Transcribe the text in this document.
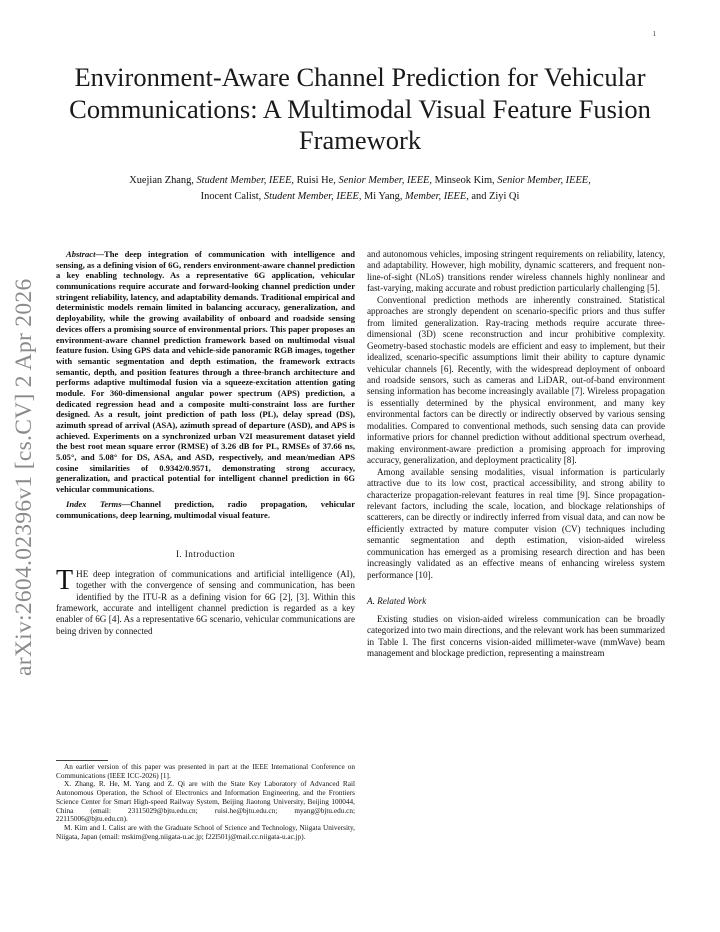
1
arXiv:2604.02396v1 [cs.CV] 2 Apr 2026
Environment-Aware Channel Prediction for Vehicular Communications: A Multimodal Visual Feature Fusion Framework
Xuejian Zhang, Student Member, IEEE, Ruisi He, Senior Member, IEEE, Minseok Kim, Senior Member, IEEE,
Inocent Calist, Student Member, IEEE, Mi Yang, Member, IEEE, and Ziyi Qi

Abstract—The deep integration of communication with intelligence and sensing, as a defining vision of 6G, renders environment-aware channel prediction a key enabling technology. As a representative 6G application, vehicular communications require accurate and forward-looking channel prediction under stringent reliability, latency, and adaptability demands. Traditional empirical and deterministic models remain limited in balancing accuracy, generalization, and deployability, while the growing availability of onboard and roadside sensing devices offers a promising source of environmental priors. This paper proposes an environment-aware channel prediction framework based on multimodal visual feature fusion. Using GPS data and vehicle-side panoramic RGB images, together with semantic segmentation and depth estimation, the framework extracts semantic, depth, and position features through a three-branch architecture and performs adaptive multimodal fusion via a squeeze-excitation attention gating module. For 360-dimensional angular power spectrum (APS) prediction, a dedicated regression head and a composite multi-constraint loss are further designed. As a result, joint prediction of path loss (PL), delay spread (DS), azimuth spread of arrival (ASA), azimuth spread of departure (ASD), and APS is achieved. Experiments on a synchronized urban V2I measurement dataset yield the best root mean square error (RMSE) of 3.26 dB for PL, RMSEs of 37.66 ns, 5.05°, and 5.08° for DS, ASA, and ASD, respectively, and mean/median APS cosine similarities of 0.9342/0.9571, demonstrating strong accuracy, generalization, and practical potential for intelligent channel prediction in 6G vehicular communications.

Index Terms—Channel prediction, radio propagation, vehicular communications, deep learning, multimodal visual feature.

I. Introduction

THE deep integration of communications and artificial intelligence (AI), together with the convergence of sensing and communication, has been identified by the ITU-R as a defining vision for 6G [2], [3]. Within this framework, accurate and intelligent channel prediction is regarded as a key enabler of 6G [4]. As a representative 6G scenario, vehicular communications are being driven by connected

An earlier version of this paper was presented in part at the IEEE International Conference on Communications (IEEE ICC-2026) [1].

X. Zhang, R. He, M. Yang and Z. Qi are with the State Key Laboratory of Advanced Rail Autonomous Operation, the School of Electronics and Information Engineering, and the Frontiers Science Center for Smart High-speed Railway System, Beijing Jiaotong University, Beijing 100044, China (email: 23115029@bjtu.edu.cn; ruisi.he@bjtu.edu.cn; myang@bjtu.edu.cn; 22115006@bjtu.edu.cn).

M. Kim and I. Calist are with the Graduate School of Science and Technology, Niigata University, Niigata, Japan (email: mskim@eng.niigata-u.ac.jp; f22l501j@mail.cc.niigata-u.ac.jp).

and autonomous vehicles, imposing stringent requirements on reliability, latency, and adaptability. However, high mobility, dynamic scatterers, and frequent non-line-of-sight (NLoS) transitions render wireless channels highly nonlinear and fast-varying, making accurate and robust prediction particularly challenging [5].

Conventional prediction methods are inherently constrained. Statistical approaches are strongly dependent on scenario-specific priors and thus suffer from limited generalization. Ray-tracing methods require accurate three-dimensional (3D) scene reconstruction and incur prohibitive complexity. Geometry-based stochastic models are efficient and easy to implement, but their idealized, scenario-specific assumptions limit their ability to capture dynamic vehicular channels [6]. Recently, with the widespread deployment of onboard and roadside sensors, such as cameras and LiDAR, out-of-band environment sensing information has become increasingly available [7]. Wireless propagation is essentially determined by the physical environment, and many key environmental factors can be directly or indirectly observed by various sensing modalities. Compared to conventional methods, such sensing data can provide informative priors for channel prediction without additional spectrum overhead, making environment-aware prediction a promising approach for improving accuracy, generalization, and deployment practicality [8].

Among available sensing modalities, visual information is particularly attractive due to its low cost, practical accessibility, and strong ability to characterize propagation-relevant features in real time [9]. Since propagation-relevant factors, including the scale, location, and blockage relationships of scatterers, can be directly or indirectly inferred from visual data, and can now be efficiently extracted by mature computer vision (CV) techniques including semantic segmentation and depth estimation, vision-aided wireless communication has emerged as a promising research direction and has been increasingly validated as an effective means of enhancing wireless system performance [10].

A. Related Work

Existing studies on vision-aided wireless communication can be broadly categorized into two main directions, and the relevant work has been summarized in Table I. The first concerns vision-aided millimeter-wave (mmWave) beam management and blockage prediction, representing a mainstream
